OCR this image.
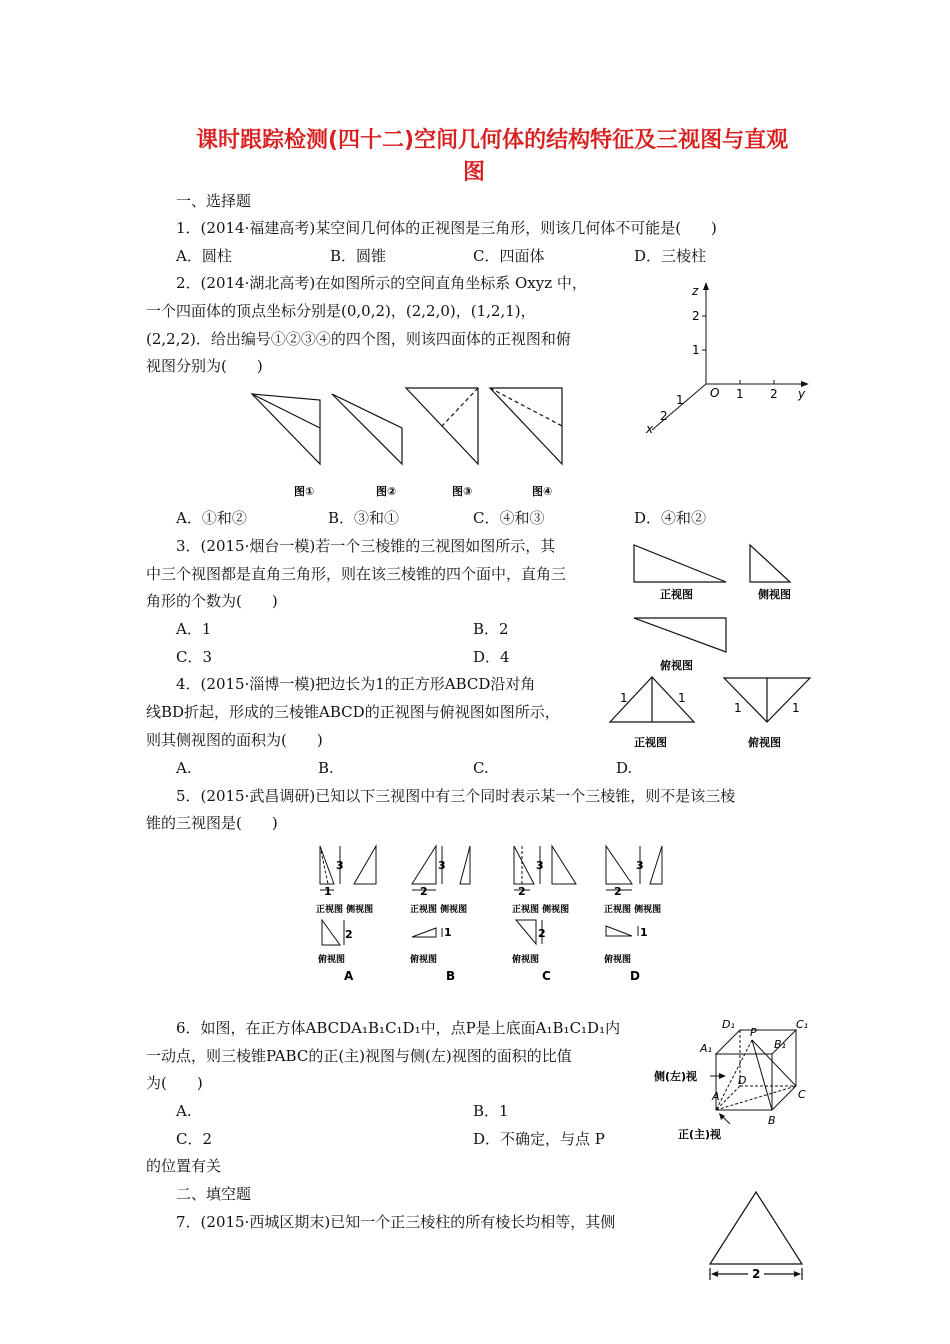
课时跟踪检测(四十二)空间几何体的结构特征及三视图与直观
图
一、选择题
1．(2014·福建高考)某空间几何体的正视图是三角形，则该几何体不可能是(　　)
A．圆柱	B．圆锥	C．四面体	D．三棱柱
2．(2014·湖北高考)在如图所示的空间直角坐标系 Oxyz 中，
一个四面体的顶点坐标分别是(0,0,2)，(2,2,0)，(1,2,1)，
(2,2,2)．给出编号①②③④的四个图，则该四面体的正视图和俯
视图分别为(　　)
z
y
x
O
2
1
1 2
1
2
图①	图②	图③	图④
A．①和②	B．③和①	C．④和③	D．④和②
3．(2015·烟台一模)若一个三棱锥的三视图如图所示，其
中三个视图都是直角三角形，则在该三棱锥的四个面中，直角三
角形的个数为(　　)
A．1	B．2
C．3	D．4
正视图	侧视图
俯视图
4．(2015·淄博一模)把边长为1的正方形ABCD沿对角
线BD折起，形成的三棱锥ABCD的正视图与俯视图如图所示，
则其侧视图的面积为(　　)
A.	B.	C.	D.
1	1
1	1
正视图	俯视图
5．(2015·武昌调研)已知以下三视图中有三个同时表示某一个三棱锥，则不是该三棱
锥的三视图是(　　)
3
1
2
3
2
1
3
2
2
3
2
1
正视图 侧视图	正视图 侧视图	正视图 侧视图	正视图 侧视图
俯视图	俯视图	俯视图	俯视图
A	B	C	D
6．如图，在正方体ABCDA₁B₁C₁D₁中，点P是上底面A₁B₁C₁D₁内
一动点，则三棱锥PABC的正(主)视图与侧(左)视图的面积的比值
为(　　)
A.	B．1
C．2	D．不确定，与点 P
的位置有关
D₁	C₁
A₁
P
B₁
D
C
A
B
侧(左)视
正(主)视
二、填空题
7．(2015·西城区期末)已知一个正三棱柱的所有棱长均相等，其侧
2
